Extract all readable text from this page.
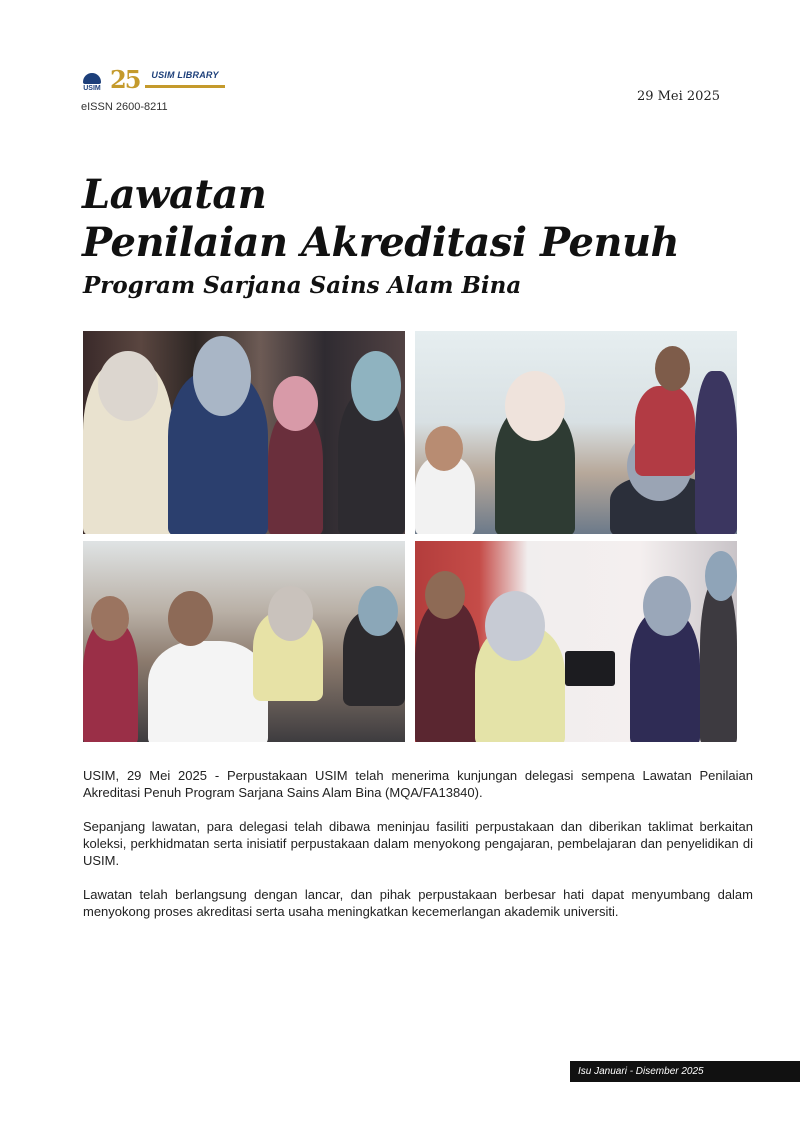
USIM 25 USIM LIBRARY
eISSN 2600-8211
29 Mei 2025
Lawatan
Penilaian Akreditasi Penuh
Program Sarjana Sains Alam Bina

USIM, 29 Mei 2025 - Perpustakaan USIM telah menerima kunjungan delegasi sempena Lawatan Penilaian Akreditasi Penuh Program Sarjana Sains Alam Bina (MQA/FA13840).

Sepanjang lawatan, para delegasi telah dibawa meninjau fasiliti perpustakaan dan diberikan taklimat berkaitan koleksi, perkhidmatan serta inisiatif perpustakaan dalam menyokong pengajaran, pembelajaran dan penyelidikan di USIM.

Lawatan telah berlangsung dengan lancar, dan pihak perpustakaan berbesar hati dapat menyumbang dalam menyokong proses akreditasi serta usaha meningkatkan kecemerlangan akademik universiti.

Isu Januari - Disember 2025
